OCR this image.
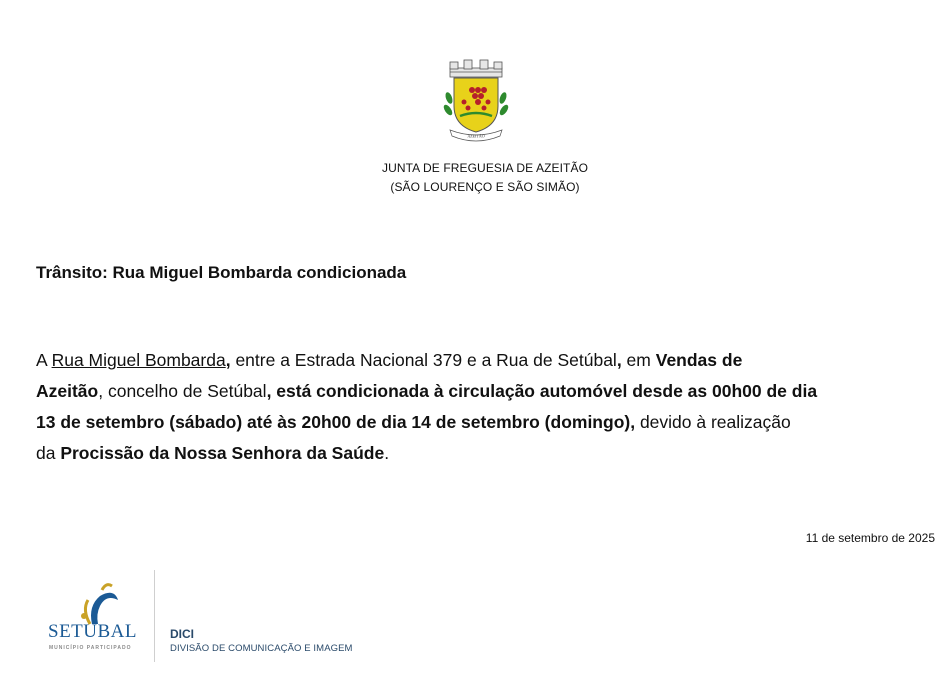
AZEITÃO
JUNTA DE FREGUESIA DE AZEITÃO
(SÃO LOURENÇO E SÃO SIMÃO)
Trânsito: Rua Miguel Bombarda condicionada

A Rua Miguel Bombarda, entre a Estrada Nacional 379 e a Rua de Setúbal, em Vendas de
Azeitão, concelho de Setúbal, está condicionada à circulação automóvel desde as 00h00 de dia
13 de setembro (sábado) até às 20h00 de dia 14 de setembro (domingo), devido à realização
da Procissão da Nossa Senhora da Saúde.

11 de setembro de 2025
SETUBAL
MUNICÍPIO PARTICIPADO
DICI
DIVISÃO DE COMUNICAÇÃO E IMAGEM
